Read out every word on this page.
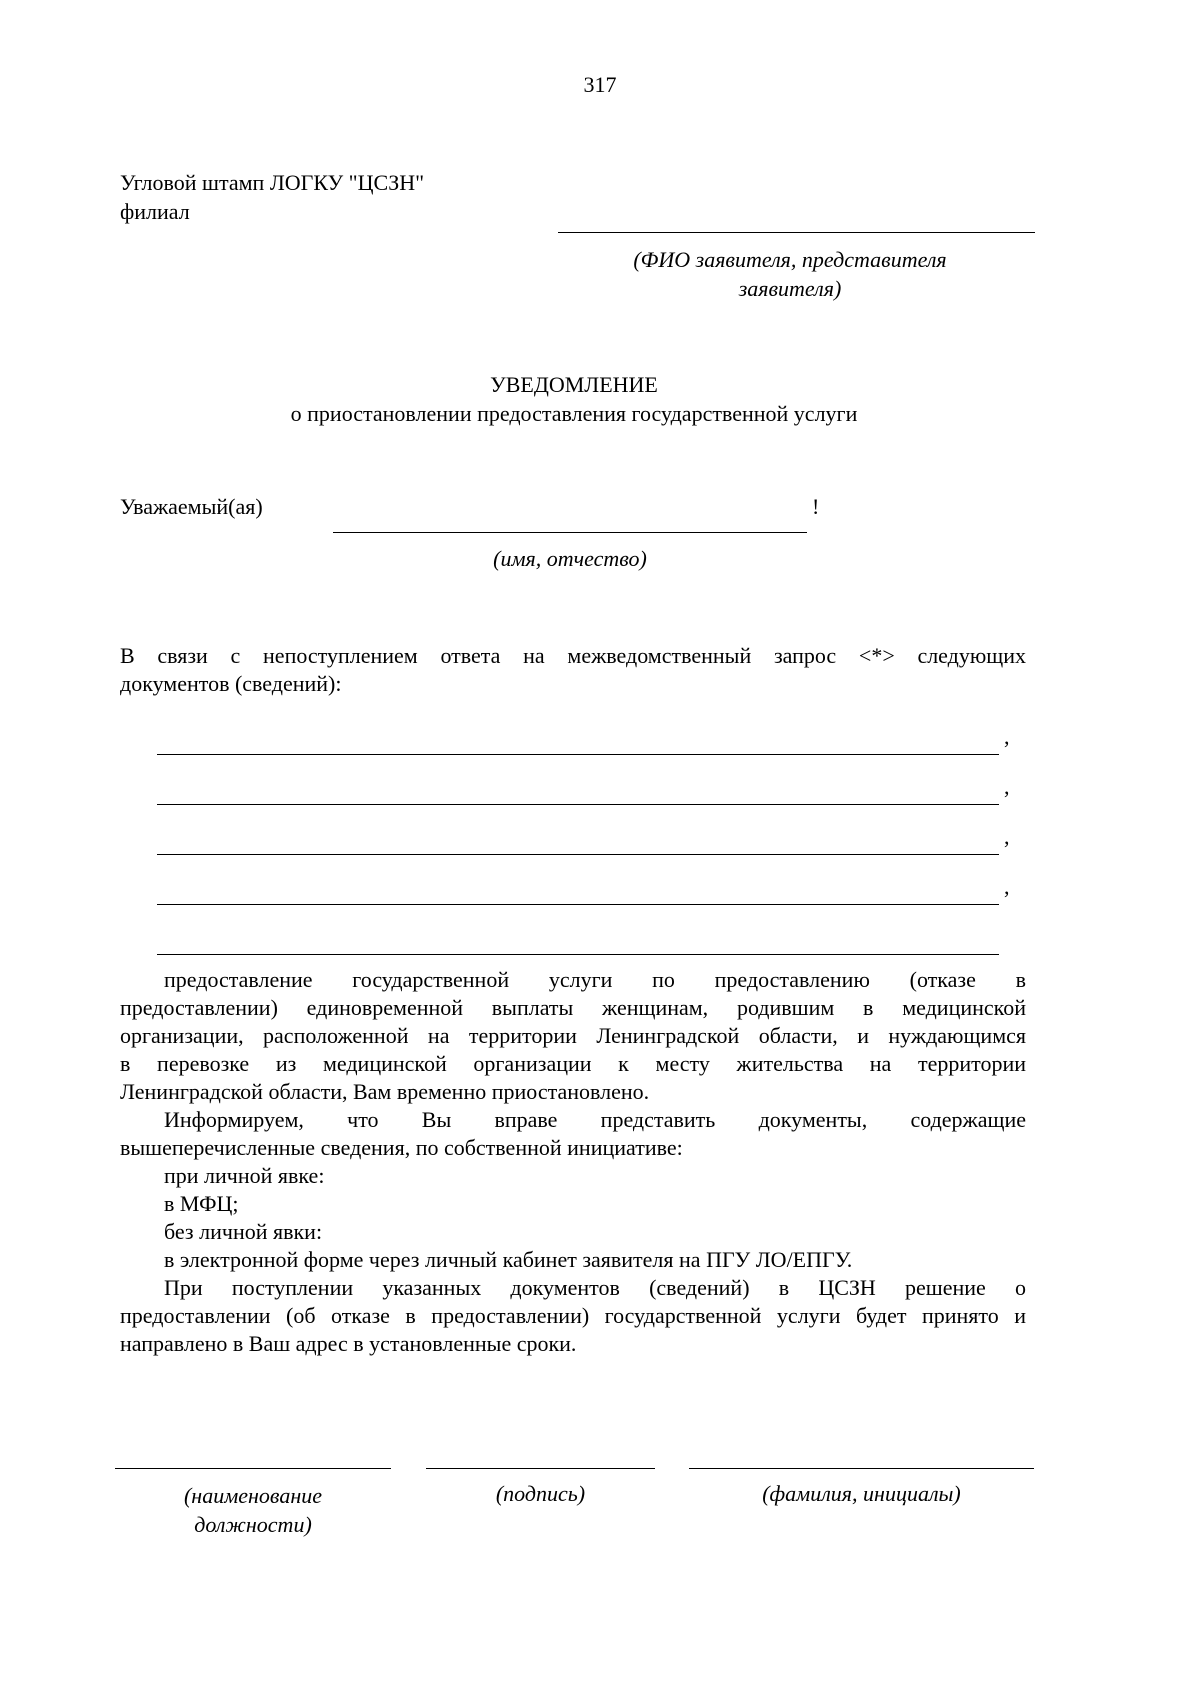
317
Угловой штамп ЛОГКУ "ЦСЗН"
филиал
(ФИО заявителя, представителя
заявителя)
УВЕДОМЛЕНИЕ
о приостановлении предоставления государственной услуги
Уважаемый(ая)	!
(имя, отчество)

В связи с непоступлением ответа на межведомственный запрос <*> следующих

документов (сведений):

,
,
,
,

предоставление государственной услуги по предоставлению (отказе в

предоставлении) единовременной выплаты женщинам, родившим в медицинской

организации, расположенной на территории Ленинградской области, и нуждающимся

в перевозке из медицинской организации к месту жительства на территории

Ленинградской области, Вам временно приостановлено.

Информируем, что Вы вправе представить документы, содержащие

вышеперечисленные сведения, по собственной инициативе:

при личной явке:

в МФЦ;

без личной явки:

в электронной форме через личный кабинет заявителя на ПГУ ЛО/ЕПГУ.

При поступлении указанных документов (сведений) в ЦСЗН решение о

предоставлении (об отказе в предоставлении) государственной услуги будет принято и

направлено в Ваш адрес в установленные сроки.

(наименование
должности)
(подпись)	(фамилия, инициалы)
